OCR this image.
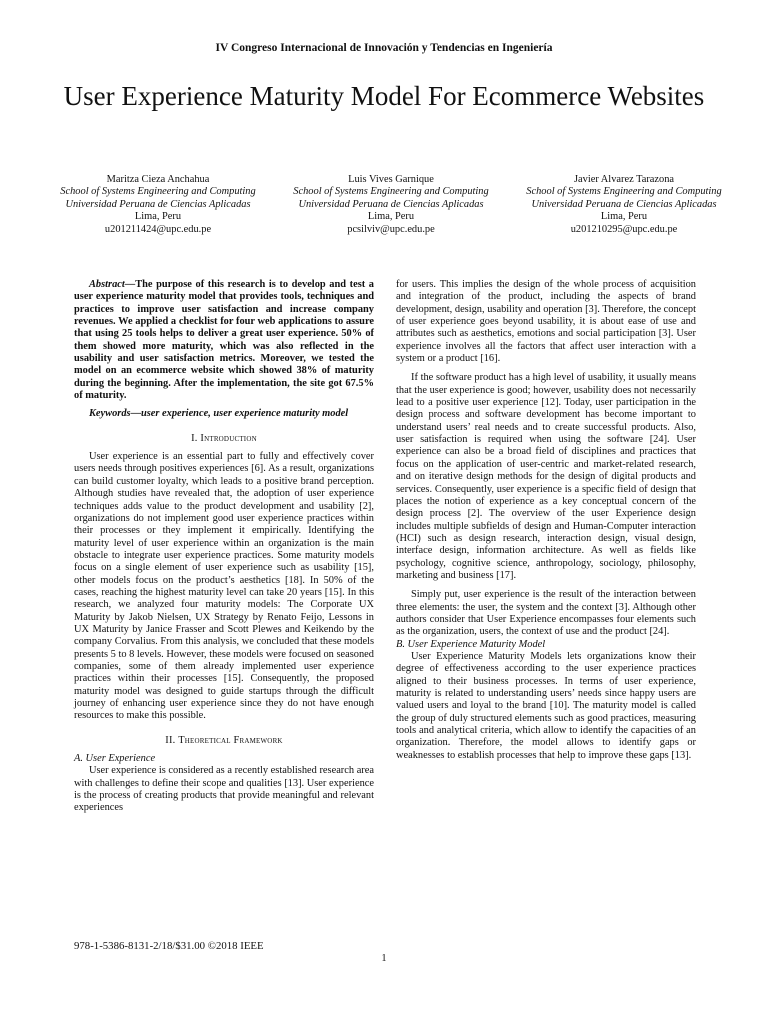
IV Congreso Internacional de Innovación y Tendencias en Ingeniería
User Experience Maturity Model For Ecommerce Websites
Maritza Cieza Anchahua
School of Systems Engineering and Computing
Universidad Peruana de Ciencias Aplicadas
Lima, Peru
u201211424@upc.edu.pe
Luis Vives Garnique
School of Systems Engineering and Computing
Universidad Peruana de Ciencias Aplicadas
Lima, Peru
pcsilviv@upc.edu.pe
Javier Alvarez Tarazona
School of Systems Engineering and Computing
Universidad Peruana de Ciencias Aplicadas
Lima, Peru
u201210295@upc.edu.pe

Abstract—The purpose of this research is to develop and test a user experience maturity model that provides tools, techniques and practices to improve user satisfaction and increase company revenues. We applied a checklist for four web applications to assure that using 25 tools helps to deliver a great user experience. 50% of them showed more maturity, which was also reflected in the usability and user satisfaction metrics. Moreover, we tested the model on an ecommerce website which showed 38% of maturity during the beginning. After the implementation, the site got 67.5% of maturity.

Keywords—user experience, user experience maturity model

I. Introduction

User experience is an essential part to fully and effectively cover users needs through positives experiences [6]. As a result, organizations can build customer loyalty, which leads to a positive brand perception. Although studies have revealed that, the adoption of user experience techniques adds value to the product development and usability [2], organizations do not implement good user experience practices within their processes or they implement it empirically. Identifying the maturity level of user experience within an organization is the main obstacle to integrate user experience practices. Some maturity models focus on a single element of user experience such as usability [15], other models focus on the product’s aesthetics [18]. In 50% of the cases, reaching the highest maturity level can take 20 years [15]. In this research, we analyzed four maturity models: The Corporate UX Maturity by Jakob Nielsen, UX Strategy by Renato Feijo, Lessons in UX Maturity by Janice Frasser and Scott Plewes and Keikendo by the company Corvalius. From this analysis, we concluded that these models presents 5 to 8 levels. However, these models were focused on seasoned companies, some of them already implemented user experience practices within their processes [15]. Consequently, the proposed maturity model was designed to guide startups through the difficult journey of enhancing user experience since they do not have enough resources to make this possible.

II. Theoretical Framework

A. User Experience

User experience is considered as a recently established research area with challenges to define their scope and qualities [13]. User experience is the process of creating products that provide meaningful and relevant experiences

for users. This implies the design of the whole process of acquisition and integration of the product, including the aspects of brand development, design, usability and operation [3]. Therefore, the concept of user experience goes beyond usability, it is about ease of use and attributes such as aesthetics, emotions and social participation [3]. User experience involves all the factors that affect user interaction with a system or a product [16].

If the software product has a high level of usability, it usually means that the user experience is good; however, usability does not necessarily lead to a positive user experience [12]. Today, user participation in the design process and software development has become important to understand users’ real needs and to create successful products. Also, user satisfaction is required when using the software [24]. User experience can also be a broad field of disciplines and practices that focus on the application of user-centric and market-related research, and on iterative design methods for the design of digital products and services. Consequently, user experience is a specific field of design that places the notion of experience as a key conceptual concern of the design process [2]. The overview of the user Experience design includes multiple subfields of design and Human-Computer interaction (HCI) such as design research, interaction design, visual design, interface design, information architecture. As well as fields like psychology, cognitive science, anthropology, sociology, philosophy, marketing and business [17].

Simply put, user experience is the result of the interaction between three elements: the user, the system and the context [3]. Although other authors consider that User Experience encompasses four elements such as the organization, users, the context of use and the product [24].

B. User Experience Maturity Model

User Experience Maturity Models lets organizations know their degree of effectiveness according to the user experience practices aligned to their business processes. In terms of user experience, maturity is related to understanding users’ needs since happy users are valued users and loyal to the brand [10]. The maturity model is called the group of duly structured elements such as good practices, measuring tools and analytical criteria, which allow to identify the capacities of an organization. Therefore, the model allows to identify gaps or weaknesses to establish processes that help to improve these gaps [13].

978-1-5386-8131-2/18/$31.00 ©2018 IEEE
1
